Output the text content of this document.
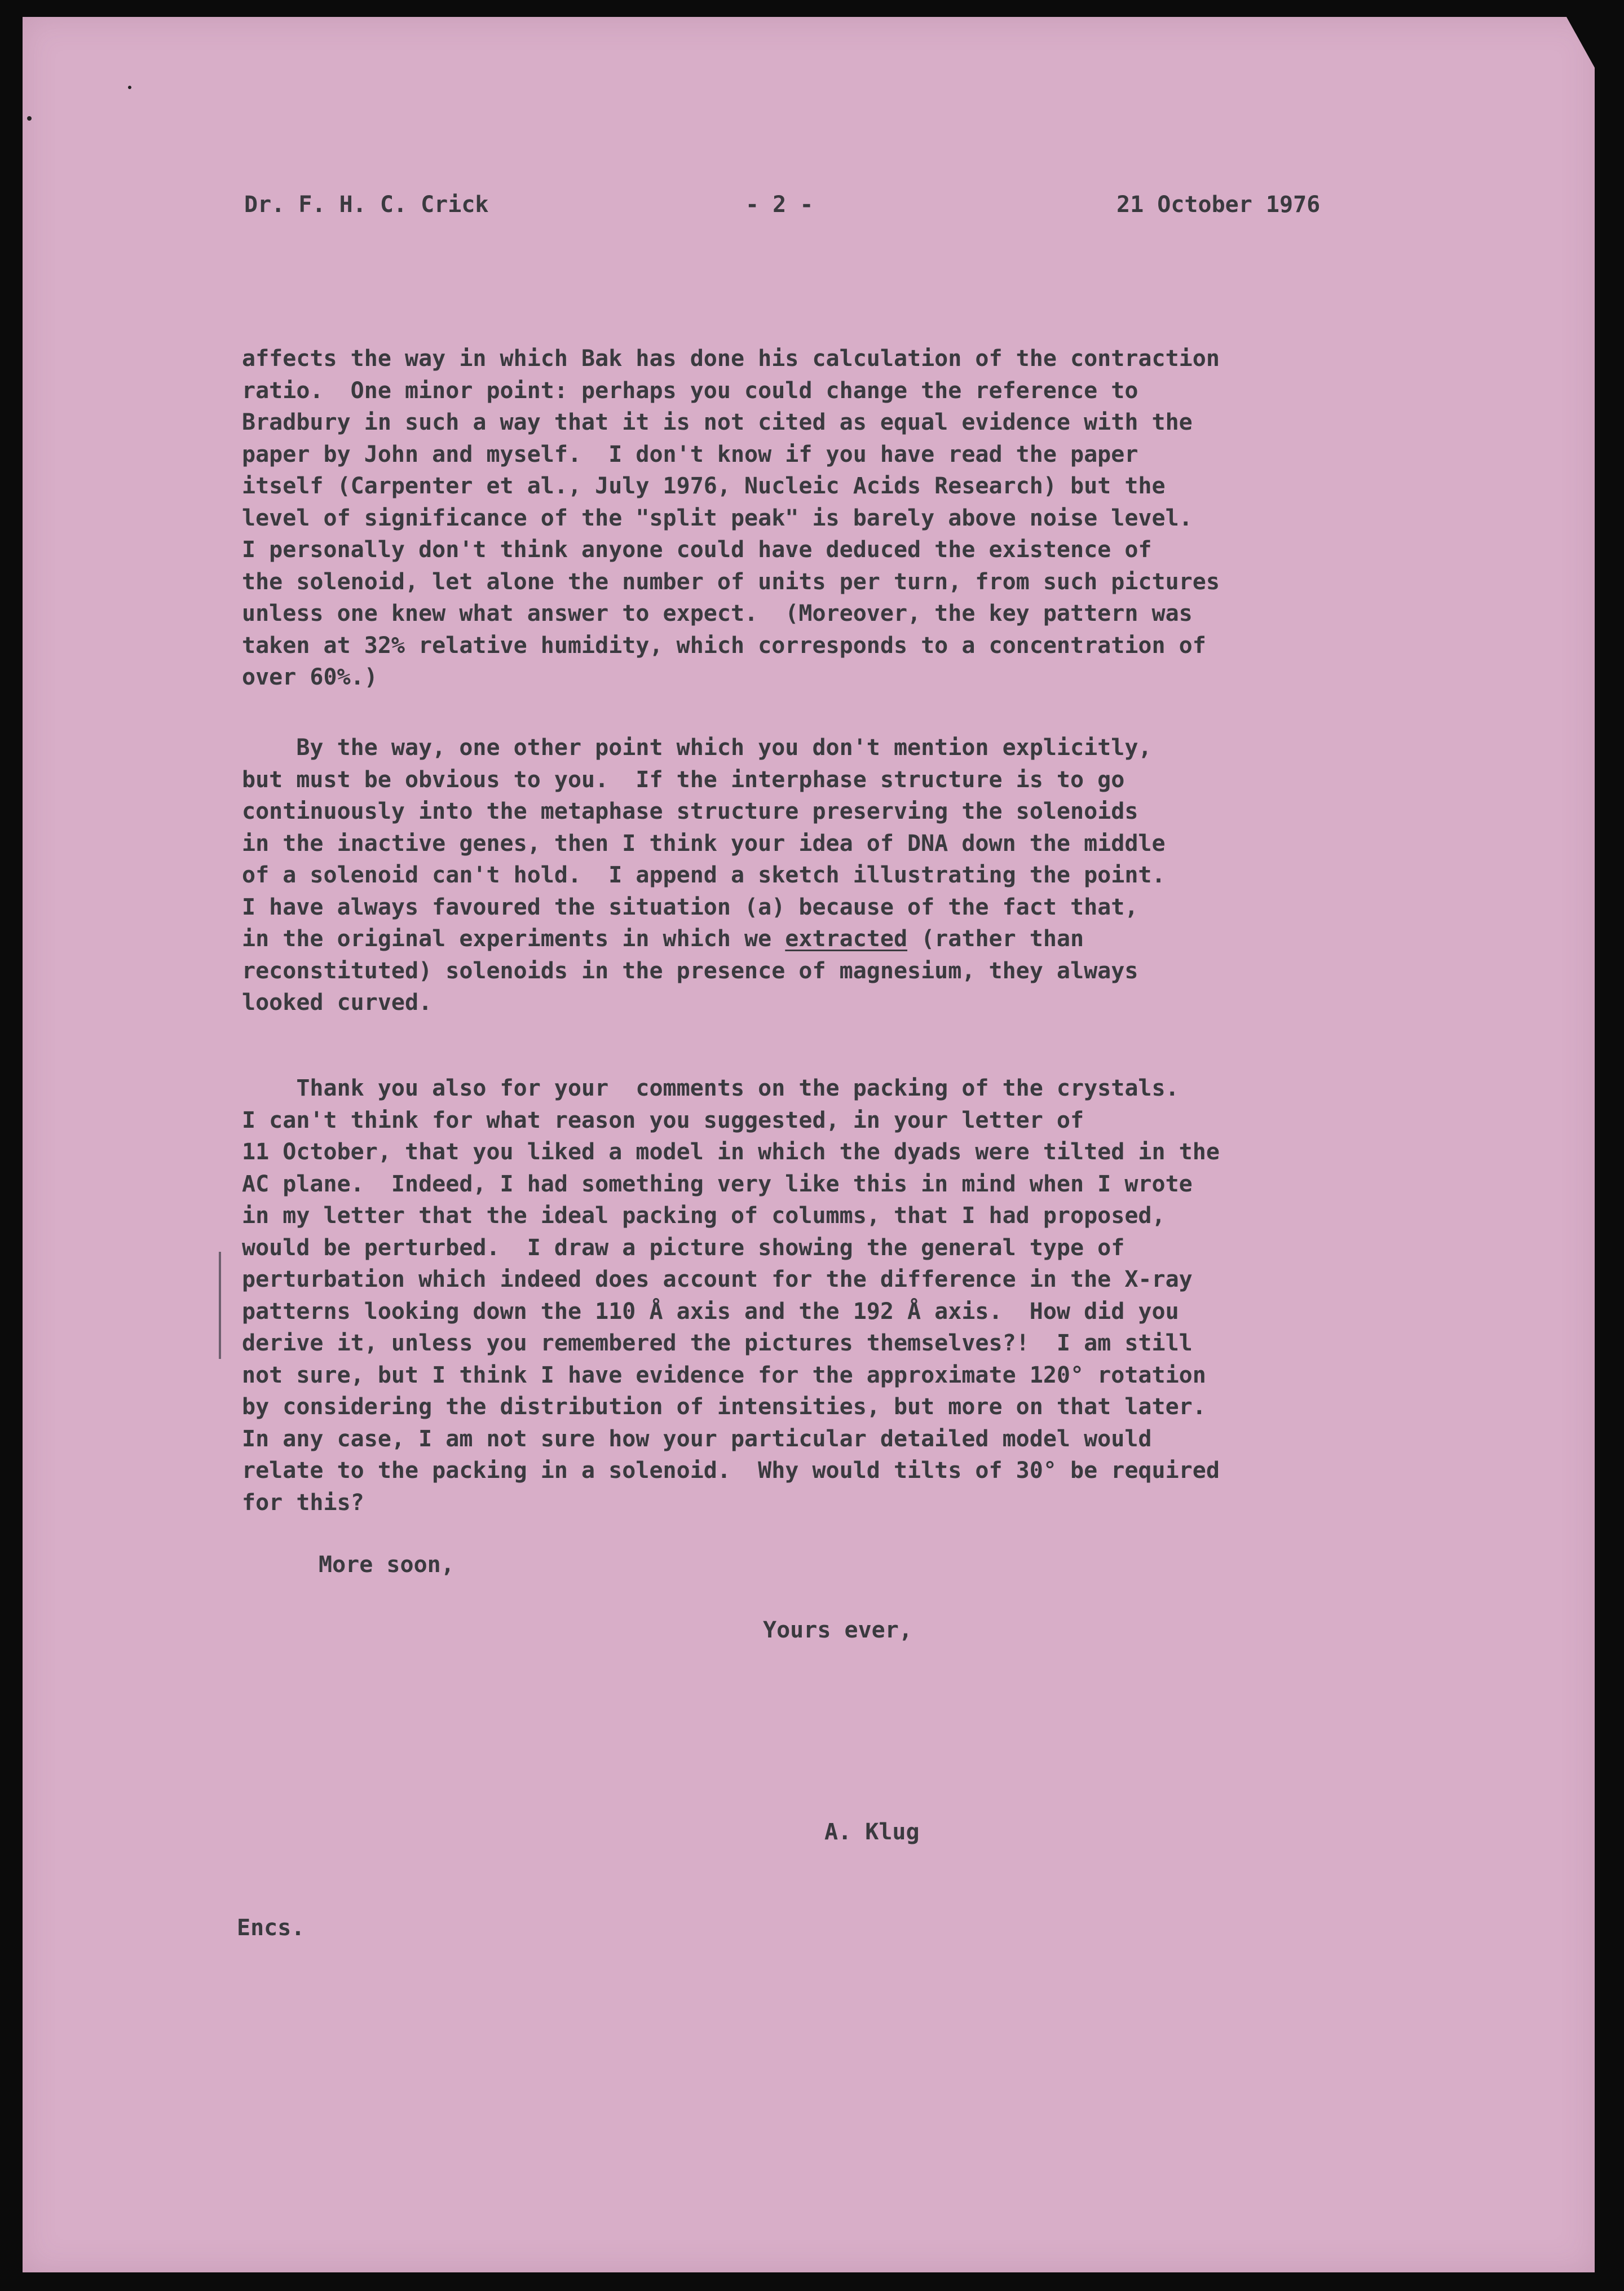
Dr. F. H. C. Crick	- 2 -	21 October 1976
affects the way in which Bak has done his calculation of the contraction
ratio.  One minor point: perhaps you could change the reference to
Bradbury in such a way that it is not cited as equal evidence with the
paper by John and myself.  I don't know if you have read the paper
itself (Carpenter et al., July 1976, Nucleic Acids Research) but the
level of significance of the "split peak" is barely above noise level.
I personally don't think anyone could have deduced the existence of
the solenoid, let alone the number of units per turn, from such pictures
unless one knew what answer to expect.  (Moreover, the key pattern was
taken at 32% relative humidity, which corresponds to a concentration of
over 60%.)
By the way, one other point which you don't mention explicitly,
but must be obvious to you.  If the interphase structure is to go
continuously into the metaphase structure preserving the solenoids
in the inactive genes, then I think your idea of DNA down the middle
of a solenoid can't hold.  I append a sketch illustrating the point.
I have always favoured the situation (a) because of the fact that,
in the original experiments in which we extracted (rather than
reconstituted) solenoids in the presence of magnesium, they always
looked curved.
Thank you also for your  comments on the packing of the crystals.
I can't think for what reason you suggested, in your letter of
11 October, that you liked a model in which the dyads were tilted in the
AC plane.  Indeed, I had something very like this in mind when I wrote
in my letter that the ideal packing of columms, that I had proposed,
would be perturbed.  I draw a picture showing the general type of
perturbation which indeed does account for the difference in the X-ray
patterns looking down the 110 Å axis and the 192 Å axis.  How did you
derive it, unless you remembered the pictures themselves?!  I am still
not sure, but I think I have evidence for the approximate 120° rotation
by considering the distribution of intensities, but more on that later.
In any case, I am not sure how your particular detailed model would
relate to the packing in a solenoid.  Why would tilts of 30° be required
for this?
More soon,
Yours ever,
A. Klug
Encs.
